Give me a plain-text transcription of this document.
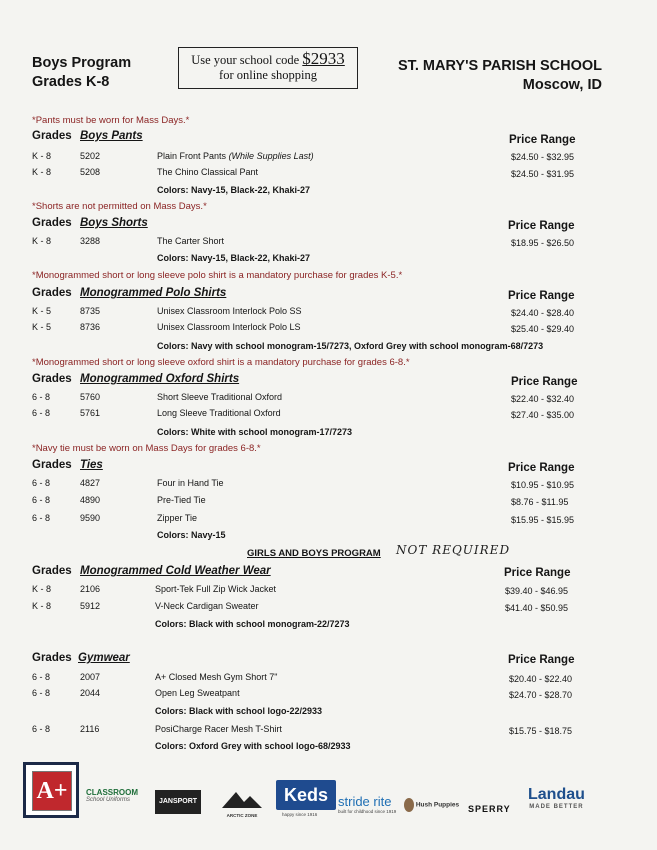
Boys Program
Grades K-8
Use your school code $2933
for online shopping
ST. MARY'S PARISH SCHOOL
Moscow, ID
*Pants must be worn for Mass Days.*
Grades Boys Pants	Price Range
K - 8	5202	Plain Front Pants (While Supplies Last)	$24.50 - $32.95
K - 8	5208	The Chino Classical Pant	$24.50 - $31.95
Colors: Navy-15, Black-22, Khaki-27
*Shorts are not permitted on Mass Days.*
Grades Boys Shorts	Price Range
K - 8	3288	The Carter Short	$18.95 - $26.50
Colors: Navy-15, Black-22, Khaki-27
*Monogrammed short or long sleeve polo shirt is a mandatory purchase for grades K-5.*
Grades Monogrammed Polo Shirts	Price Range
K - 5	8735	Unisex Classroom Interlock Polo SS	$24.40 - $28.40
K - 5	8736	Unisex Classroom Interlock Polo LS	$25.40 - $29.40
Colors: Navy with school monogram-15/7273, Oxford Grey with school monogram-68/7273
*Monogrammed short or long sleeve oxford shirt is a mandatory purchase for grades 6-8.*
Grades Monogrammed Oxford Shirts	Price Range
6 - 8	5760	Short Sleeve Traditional Oxford	$22.40 - $32.40
6 - 8	5761	Long Sleeve Traditional Oxford	$27.40 - $35.00
Colors: White with school monogram-17/7273
*Navy tie must be worn on Mass Days for grades 6-8.*
Grades Ties	Price Range
6 - 8	4827	Four in Hand Tie	$10.95 - $10.95
6 - 8	4890	Pre-Tied Tie	$8.76 - $11.95
6 - 8	9590	Zipper Tie	$15.95 - $15.95
Colors: Navy-15
GIRLS AND BOYS PROGRAM NOT REQUIRED
Grades Monogrammed Cold Weather Wear	Price Range
K - 8	2106	Sport-Tek Full Zip Wick Jacket	$39.40 - $46.95
K - 8	5912	V-Neck Cardigan Sweater	$41.40 - $50.95
Colors: Black with school monogram-22/7273
Grades Gymwear	Price Range
6 - 8	2007	A+ Closed Mesh Gym Short 7"	$20.40 - $22.40
6 - 8	2044	Open Leg Sweatpant	$24.70 - $28.70
Colors: Black with school logo-22/2933
6 - 8	2116	PosiCharge Racer Mesh T-Shirt	$15.75 - $18.75
Colors: Oxford Grey with school logo-68/2933
A+	CLASSROOM
School Uniforms	JANSPORT
ARCTIC ZONE
Keds
happy since 1916
stride rite
built for childhood since 1919
Hush Puppies SPERRY
Landau
MADE BETTER
